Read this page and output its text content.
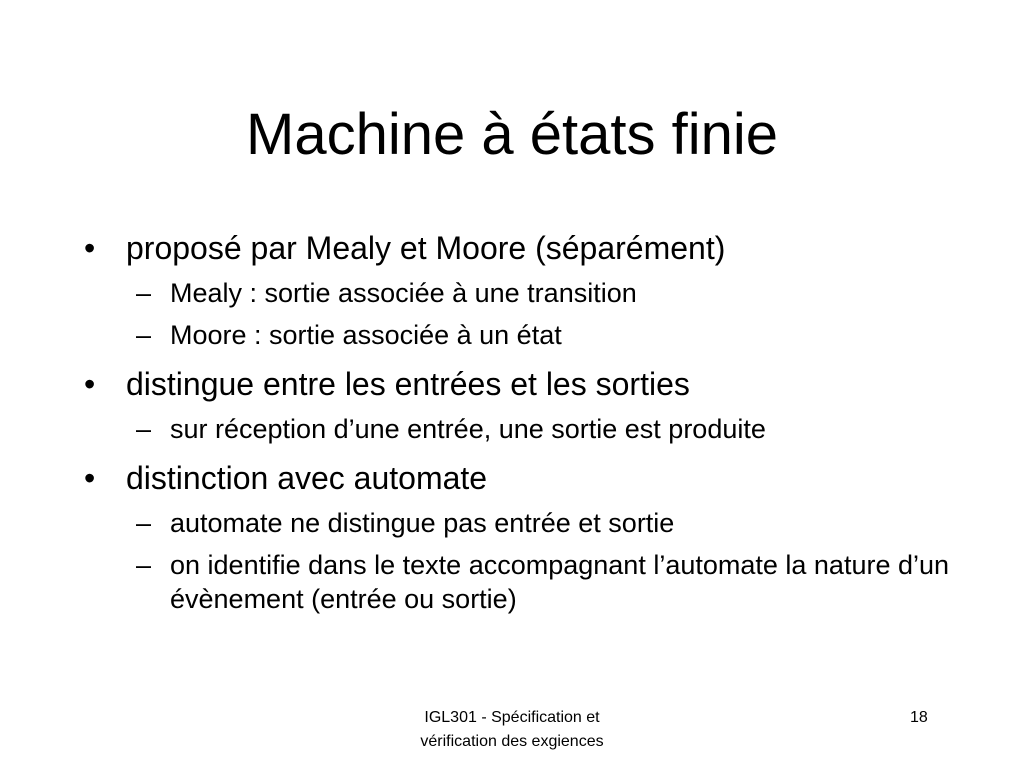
Machine à états finie
• proposé par Mealy et Moore (séparément)
– Mealy : sortie associée à une transition
– Moore : sortie associée à un état
• distingue entre les entrées et les sorties
– sur réception d’une entrée, une sortie est produite
• distinction avec automate
– automate ne distingue pas entrée et sortie
– on identifie dans le texte accompagnant l’automate la nature d’un évènement (entrée ou sortie)
IGL301 - Spécification et
vérification des exgiences
18
